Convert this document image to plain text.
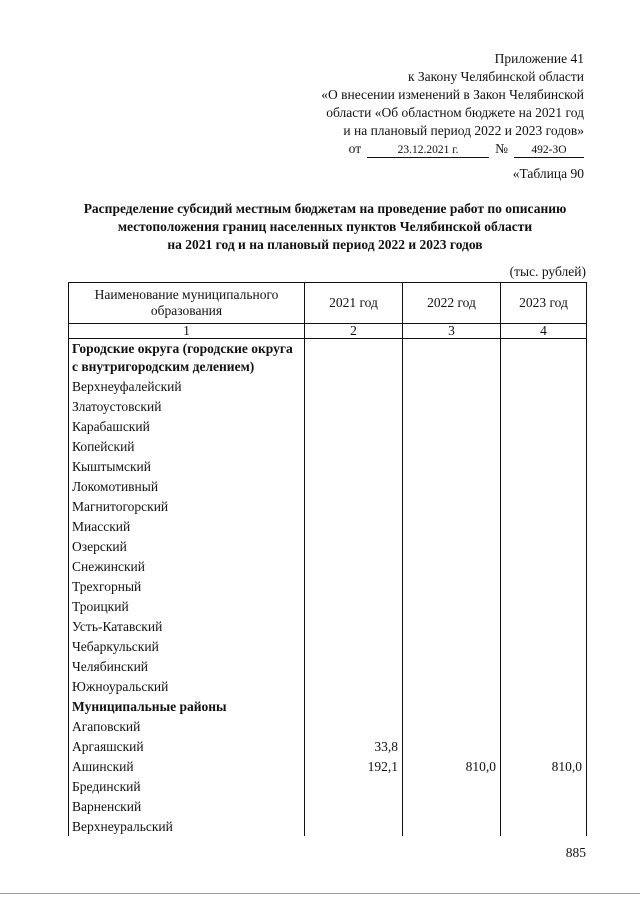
Приложение 41
к Закону Челябинской области
«О внесении изменений в Закон Челябинской
области «Об областном бюджете на 2021 год
и на плановый период 2022 и 2023 годов»
от	23.12.2021 г.	№	492-ЗО
«Таблица 90
Распределение субсидий местным бюджетам на проведение работ по описанию
местоположения границ населенных пунктов Челябинской области
на 2021 год и на плановый период 2022 и 2023 годов
(тыс. рублей)
Наименование муниципального образования	2021 год	2022 год	2023 год
1	2	3	4
Городские округа (городские округа с внутригородским делением)			
Верхнеуфалейский			
Златоустовский			
Карабашский			
Копейский			
Кыштымский			
Локомотивный			
Магнитогорский			
Миасский			
Озерский			
Снежинский			
Трехгорный			
Троицкий			
Усть-Катавский			
Чебаркульский			
Челябинский			
Южноуральский			
Муниципальные районы			
Агаповский			
Аргаяшский	33,8		
Ашинский	192,1	810,0	810,0
Брединский			
Варненский			
Верхнеуральский			
885
